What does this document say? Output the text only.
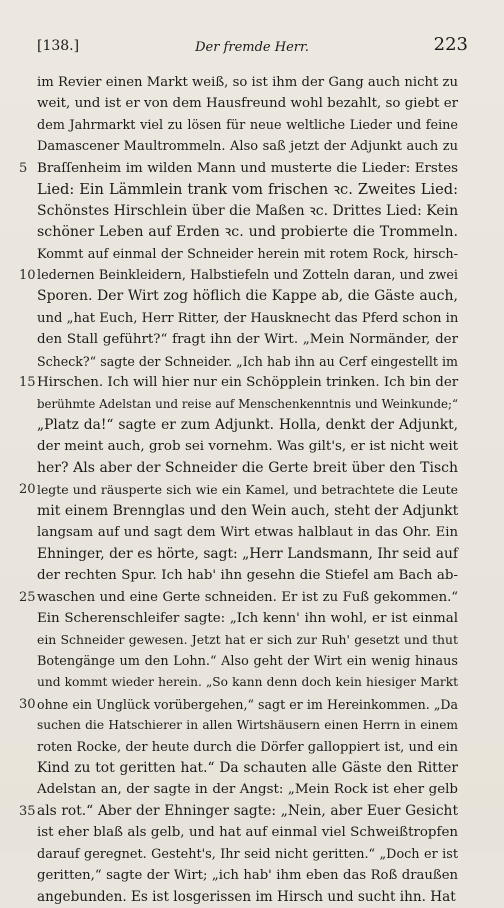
[138.]	Der fremde Herr.	223
im Revier einen Markt weiß, so ist ihm der Gang auch nicht zu
weit, und ist er von dem Hausfreund wohl bezahlt, so giebt er
dem Jahrmarkt viel zu lösen für neue weltliche Lieder und feine
Damascener Maultrommeln. Also saß jetzt der Adjunkt auch zu
5 Braſſenheim im wilden Mann und musterte die Lieder: Erstes
Lied: Ein Lämmlein trank vom frischen ꝛc. Zweites Lied:
Schönstes Hirschlein über die Maßen ꝛc. Drittes Lied: Kein
schöner Leben auf Erden ꝛc. und probierte die Trommeln.
Kommt auf einmal der Schneider herein mit rotem Rock, hirsch-
10 ledernen Beinkleidern, Halbstiefeln und Zotteln daran, und zwei
Sporen. Der Wirt zog höflich die Kappe ab, die Gäste auch,
und „hat Euch, Herr Ritter, der Hausknecht das Pferd schon in
den Stall geführt?“ fragt ihn der Wirt. „Mein Normänder, der
Scheck?“ sagte der Schneider. „Ich hab ihn au Cerf eingestellt im
15 Hirschen. Ich will hier nur ein Schöpplein trinken. Ich bin der
berühmte Adelstan und reise auf Menschenkenntnis und Weinkunde;“
„Platz da!“ sagte er zum Adjunkt. Holla, denkt der Adjunkt,
der meint auch, grob sei vornehm. Was gilt's, er ist nicht weit
her? Als aber der Schneider die Gerte breit über den Tisch
20 legte und räusperte sich wie ein Kamel, und betrachtete die Leute
mit einem Brennglas und den Wein auch, steht der Adjunkt
langsam auf und sagt dem Wirt etwas halblaut in das Ohr. Ein
Ehninger, der es hörte, sagt: „Herr Landsmann, Ihr seid auf
der rechten Spur. Ich hab' ihn gesehn die Stiefel am Bach ab-
25 waschen und eine Gerte schneiden. Er ist zu Fuß gekommen.“
Ein Scherenschleifer sagte: „Ich kenn' ihn wohl, er ist einmal
ein Schneider gewesen. Jetzt hat er sich zur Ruh' gesetzt und thut
Botengänge um den Lohn.“ Also geht der Wirt ein wenig hinaus
und kommt wieder herein. „So kann denn doch kein hiesiger Markt
30 ohne ein Unglück vorübergehen,“ sagt er im Hereinkommen. „Da
suchen die Hatschierer in allen Wirtshäusern einen Herrn in einem
roten Rocke, der heute durch die Dörfer galloppiert ist, und ein
Kind zu tot geritten hat.“ Da schauten alle Gäste den Ritter
Adelstan an, der sagte in der Angst: „Mein Rock ist eher gelb
35 als rot.“ Aber der Ehninger sagte: „Nein, aber Euer Gesicht
ist eher blaß als gelb, und hat auf einmal viel Schweißtropfen
darauf geregnet. Gesteht's, Ihr seid nicht geritten.“ „Doch er ist
geritten,“ sagte der Wirt; „ich hab' ihm eben das Roß draußen
angebunden. Es ist losgerissen im Hirsch und sucht ihn. Hat
